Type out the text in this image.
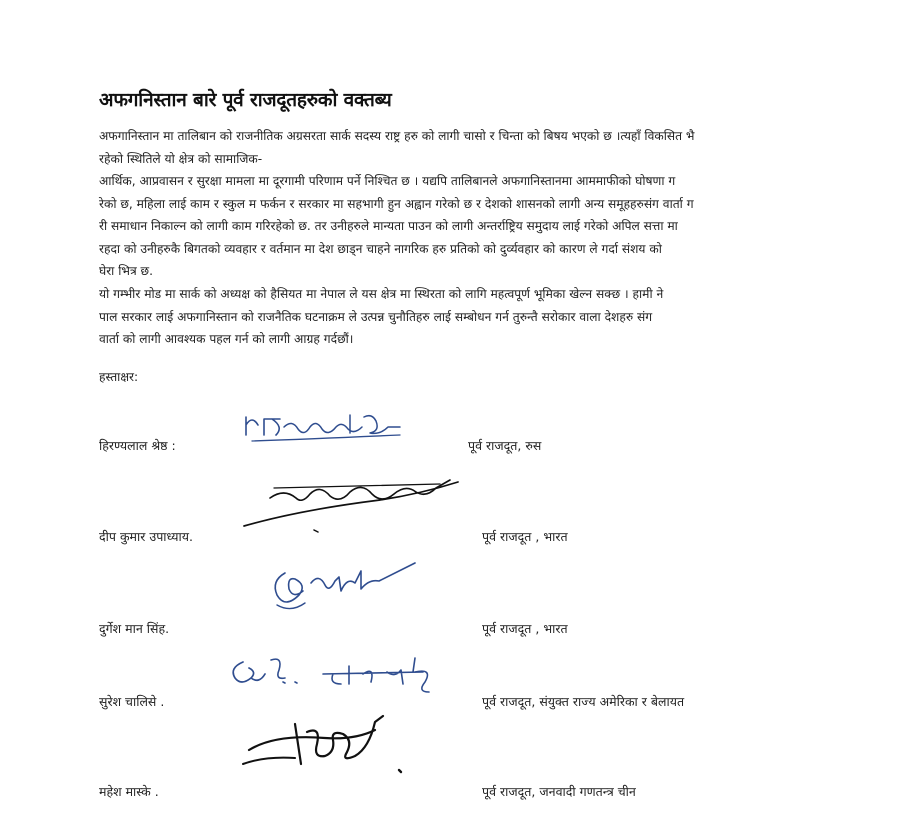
अफगनिस्तान बारे पूर्व राजदूतहरुको वक्तब्य
अफगानिस्तान मा तालिबान को राजनीतिक अग्रसरता सार्क सदस्य राष्ट्र हरु को लागी चासो र चिन्ता को बिषय भएको छ ।त्यहाँ विकसित भै
रहेको स्थितिले यो क्षेत्र को सामाजिक-
आर्थिक, आप्रवासन र सुरक्षा मामला मा दूरगामी परिणाम पर्ने निश्चित छ । यद्यपि तालिबानले अफगानिस्तानमा आममाफीको घोषणा ग
रेको छ, महिला लाई काम र स्कुल म फर्कन र सरकार मा सहभागी हुन अह्वान गरेको छ र देशको शासनको लागी अन्य समूहहरुसंग वार्ता ग
री समाधान निकाल्न को लागी काम गरिरहेको छ. तर उनीहरुले मान्यता पाउन को लागी अन्तर्राष्ट्रिय समुदाय लाई गरेको अपिल सत्ता मा
रहदा को उनीहरुकै बिगतको व्यवहार र वर्तमान मा देश छाड्न चाहने नागरिक हरु प्रतिको को दुर्व्यवहार को कारण ले गर्दा संशय को
घेरा भित्र छ.
यो गम्भीर मोड मा सार्क को अध्यक्ष को हैसियत मा नेपाल ले यस क्षेत्र मा स्थिरता को लागि महत्वपूर्ण भूमिका खेल्न सक्छ । हामी ने
पाल सरकार लाई अफगानिस्तान को राजनैतिक घटनाक्रम ले उत्पन्न चुनौतिहरु लाई सम्बोधन गर्न तुरुन्तै सरोकार वाला देशहरु संग
वार्ता को लागी आवश्यक पहल गर्न को लागी आग्रह गर्दछौं।
हस्ताक्षर:
हिरण्यलाल श्रेष्ठ :	पूर्व राजदूत, रुस
दीप कुमार उपाध्याय.	पूर्व राजदूत , भारत
दुर्गेश मान सिंह.	पूर्व राजदूत , भारत
सुरेश चालिसे .	पूर्व राजदूत, संयुक्त राज्य अमेरिका र बेलायत
महेश मास्के .	पूर्व राजदूत, जनवादी गणतन्त्र चीन
